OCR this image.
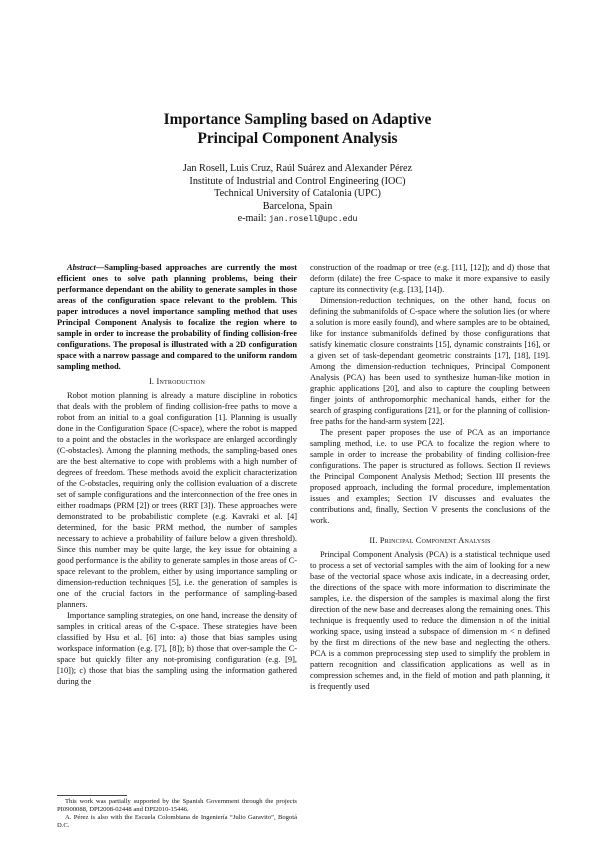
Importance Sampling based on Adaptive
Principal Component Analysis
Jan Rosell, Luis Cruz, Raúl Suárez and Alexander Pérez
Institute of Industrial and Control Engineering (IOC)
Technical University of Catalonia (UPC)
Barcelona, Spain
e-mail: jan.rosell@upc.edu

Abstract—Sampling-based approaches are currently the most efficient ones to solve path planning problems, being their performance dependant on the ability to generate samples in those areas of the configuration space relevant to the problem. This paper introduces a novel importance sampling method that uses Principal Component Analysis to focalize the region where to sample in order to increase the probability of finding collision-free configurations. The proposal is illustrated with a 2D configuration space with a narrow passage and compared to the uniform random sampling method.

I. Introduction

Robot motion planning is already a mature discipline in robotics that deals with the problem of finding collision-free paths to move a robot from an initial to a goal configuration [1]. Planning is usually done in the Configuration Space (C-space), where the robot is mapped to a point and the obstacles in the workspace are enlarged accordingly (C-obstacles). Among the planning methods, the sampling-based ones are the best alternative to cope with problems with a high number of degrees of freedom. These methods avoid the explicit characterization of the C-obstacles, requiring only the collision evaluation of a discrete set of sample configurations and the interconnection of the free ones in either roadmaps (PRM [2]) or trees (RRT [3]). These approaches were demonstrated to be probabilistic complete (e.g. Kavraki et al. [4] determined, for the basic PRM method, the number of samples necessary to achieve a probability of failure below a given threshold). Since this number may be quite large, the key issue for obtaining a good performance is the ability to generate samples in those areas of C-space relevant to the problem, either by using importance sampling or dimension-reduction techniques [5], i.e. the generation of samples is one of the crucial factors in the performance of sampling-based planners.

Importance sampling strategies, on one hand, increase the density of samples in critical areas of the C-space. These strategies have been classified by Hsu et al. [6] into: a) those that bias samples using workspace information (e.g. [7], [8]); b) those that over-sample the C-space but quickly filter any not-promising configuration (e.g. [9], [10]); c) those that bias the sampling using the information gathered during the

construction of the roadmap or tree (e.g. [11], [12]); and d) those that deform (dilate) the free C-space to make it more expansive to easily capture its connectivity (e.g. [13], [14]).

Dimension-reduction techniques, on the other hand, focus on defining the submanifolds of C-space where the solution lies (or where a solution is more easily found), and where samples are to be obtained, like for instance submanifolds defined by those configurations that satisfy kinematic closure constraints [15], dynamic constraints [16], or a given set of task-dependant geometric constraints [17], [18], [19]. Among the dimension-reduction techniques, Principal Component Analysis (PCA) has been used to synthesize human-like motion in graphic applications [20], and also to capture the coupling between finger joints of anthropomorphic mechanical hands, either for the search of grasping configurations [21], or for the planning of collision-free paths for the hand-arm system [22].

The present paper proposes the use of PCA as an importance sampling method, i.e. to use PCA to focalize the region where to sample in order to increase the probability of finding collision-free configurations. The paper is structured as follows. Section II reviews the Principal Component Analysis Method; Section III presents the proposed approach, including the formal procedure, implementation issues and examples; Section IV discusses and evaluates the contributions and, finally, Section V presents the conclusions of the work.

II. Principal Component Analysis

Principal Component Analysis (PCA) is a statistical technique used to process a set of vectorial samples with the aim of looking for a new base of the vectorial space whose axis indicate, in a decreasing order, the directions of the space with more information to discriminate the samples, i.e. the dispersion of the samples is maximal along the first direction of the new base and decreases along the remaining ones. This technique is frequently used to reduce the dimension n of the initial working space, using instead a subspace of dimension m < n defined by the first m directions of the new base and neglecting the others. PCA is a common preprocessing step used to simplify the problem in pattern recognition and classification applications as well as in compression schemes and, in the field of motion and path planning, it is frequently used

This work was partially supported by the Spanish Government through the projects PI0900088, DPI2008-02448 and DPI2010-15446.

A. Pérez is also with the Escuela Colombiana de Ingeniería “Julio Garavito”, Bogotá D.C.
